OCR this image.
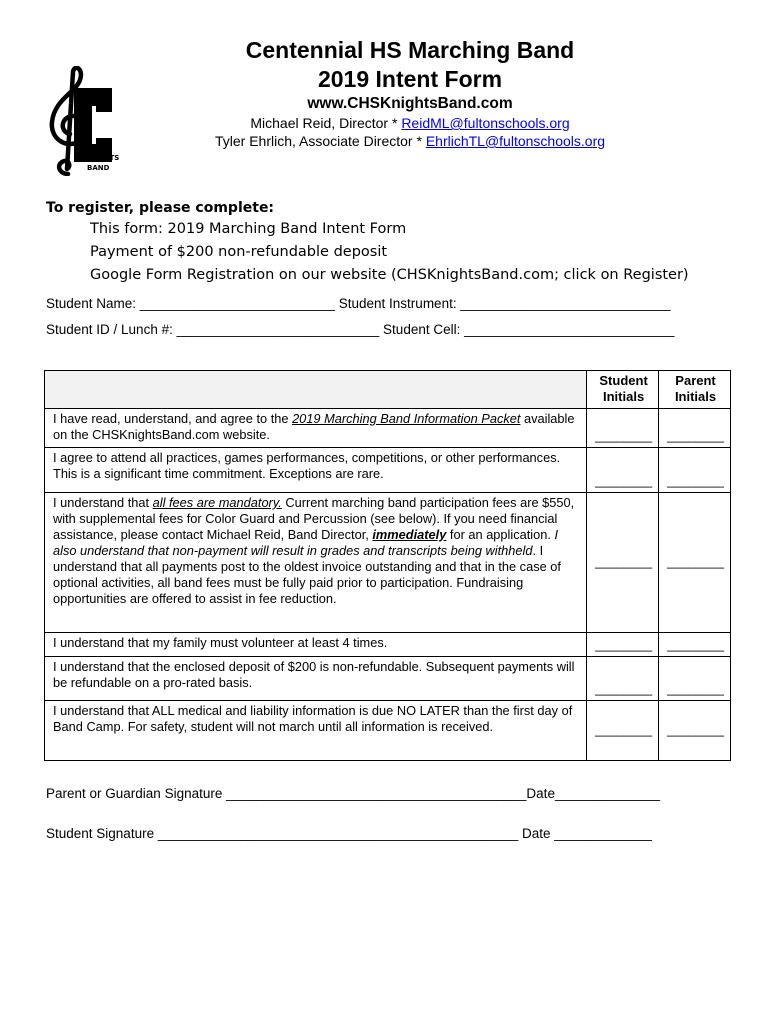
KNIGHTS
BAND
Centennial HS Marching Band
2019 Intent Form
www.CHSKnightsBand.com
Michael Reid, Director * ReidML@fultonschools.org
Tyler Ehrlich, Associate Director * EhrlichTL@fultonschools.org
To register, please complete:
This form: 2019 Marching Band Intent Form
Payment of $200 non-refundable deposit
Google Form Registration on our website (CHSKnightsBand.com; click on Register)
Student Name: __________________________ Student Instrument: ____________________________
Student ID / Lunch #: ___________________________ Student Cell: ____________________________
	Student Initials	Parent Initials
I have read, understand, and agree to the 2019 Marching Band Information Packet available on the CHSKnightsBand.com website.	________	________
I agree to attend all practices, games performances, competitions, or other performances. This is a significant time commitment. Exceptions are rare.	________	________
I understand that all fees are mandatory. Current marching band participation fees are $550, with supplemental fees for Color Guard and Percussion (see below). If you need financial assistance, please contact Michael Reid, Band Director, immediately for an application. I also understand that non-payment will result in grades and transcripts being withheld. I understand that all payments post to the oldest invoice outstanding and that in the case of optional activities, all band fees must be fully paid prior to participation. Fundraising opportunities are offered to assist in fee reduction.	________	________
I understand that my family must volunteer at least 4 times.	________	________
I understand that the enclosed deposit of $200 is non-refundable. Subsequent payments will be refundable on a pro-rated basis.	________	________
I understand that ALL medical and liability information is due NO LATER than the first day of Band Camp. For safety, student will not march until all information is received.	________	________
Parent or Guardian Signature ________________________________________Date______________
Student Signature ________________________________________________ Date _____________
